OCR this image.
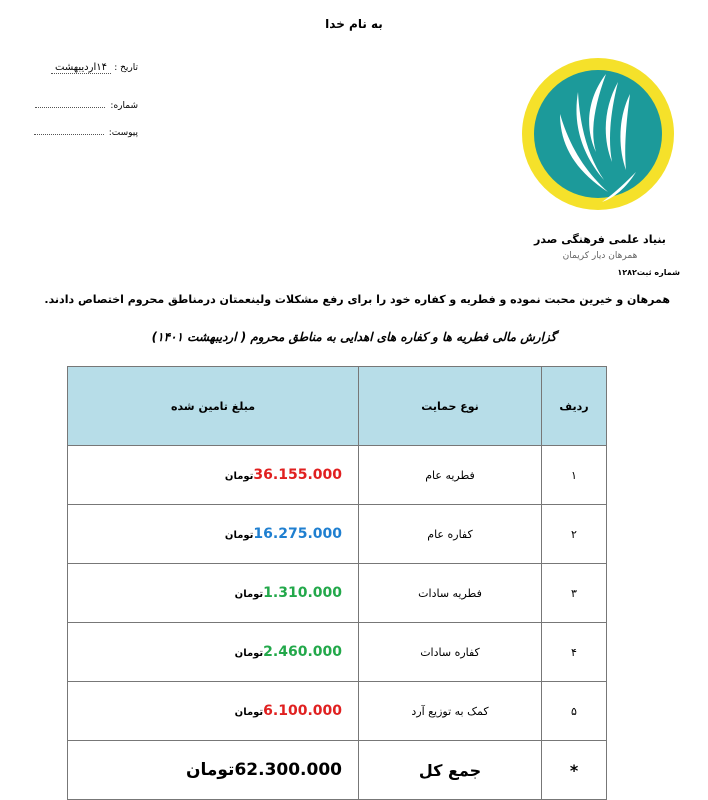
به نام خدا
تاریخ : ۱۴اردیبهشت
شماره:
پیوست:
بنیاد علمی فرهنگی صدر
همرهان دیار کریمان
شماره ثبت۱۲۸۲
همرهان و خیرین محبت نموده و فطریه و کفاره خود را برای رفع مشکلات ولینعمتان درمناطق محروم اختصاص دادند.
گزارش مالی فطریه ها و کفاره های اهدایی به مناطق محروم ( اردیبهشت ۱۴۰۱)
ردیف	نوع حمایت	مبلغ تامین شده
۱	فطریه عام	36.155.000تومان
۲	کفاره عام	16.275.000تومان
۳	فطریه سادات	1.310.000تومان
۴	کفاره سادات	2.460.000تومان
۵	کمک به توزیع آرد	6.100.000تومان
*	جمع کل	62.300.000تومان
